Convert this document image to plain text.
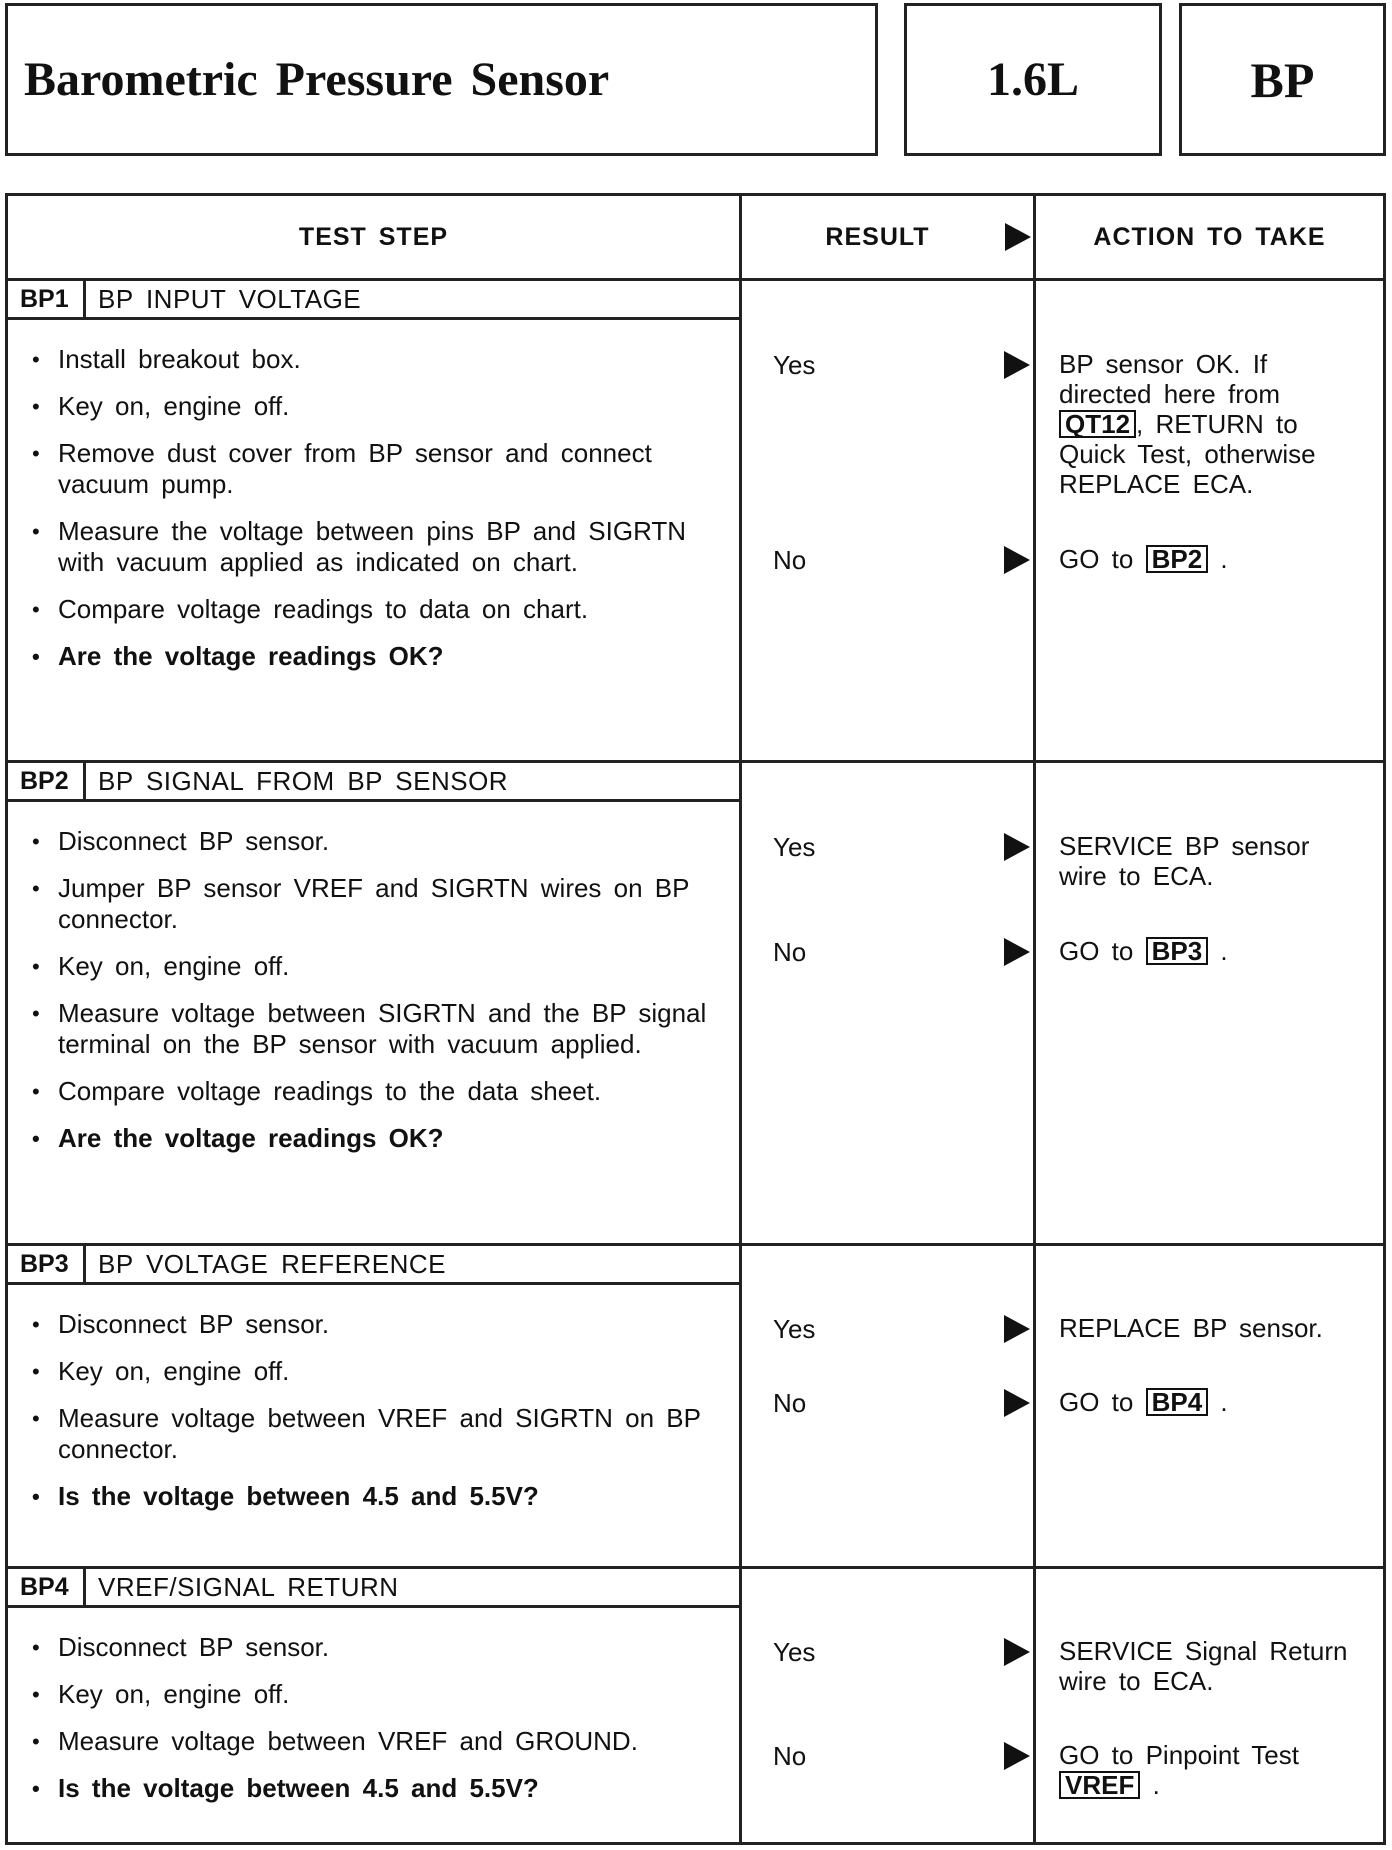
Barometric Pressure Sensor	1.6L	BP
TEST STEP	RESULT	ACTION TO TAKE
BP1	BP INPUT VOLTAGE
• Install breakout box.
• Key on, engine off.
• Remove dust cover from BP sensor and connect vacuum pump.
• Measure the voltage between pins BP and SIGRTN with vacuum applied as indicated on chart.
• Compare voltage readings to data on chart.
• Are the voltage readings OK?
Yes	BP sensor OK. If directed here from QT12 , RETURN to Quick Test, otherwise REPLACE ECA.
No	GO to BP2 .
BP2	BP SIGNAL FROM BP SENSOR
• Disconnect BP sensor.
• Jumper BP sensor VREF and SIGRTN wires on BP connector.
• Key on, engine off.
• Measure voltage between SIGRTN and the BP signal terminal on the BP sensor with vacuum applied.
• Compare voltage readings to the data sheet.
• Are the voltage readings OK?
Yes	SERVICE BP sensor wire to ECA.
No	GO to BP3 .
BP3	BP VOLTAGE REFERENCE
• Disconnect BP sensor.
• Key on, engine off.
• Measure voltage between VREF and SIGRTN on BP connector.
• Is the voltage between 4.5 and 5.5V?
Yes	REPLACE BP sensor.
No	GO to BP4 .
BP4	VREF/SIGNAL RETURN
• Disconnect BP sensor.
• Key on, engine off.
• Measure voltage between VREF and GROUND.
• Is the voltage between 4.5 and 5.5V?
Yes	SERVICE Signal Return wire to ECA.
No	GO to Pinpoint Test VREF .
